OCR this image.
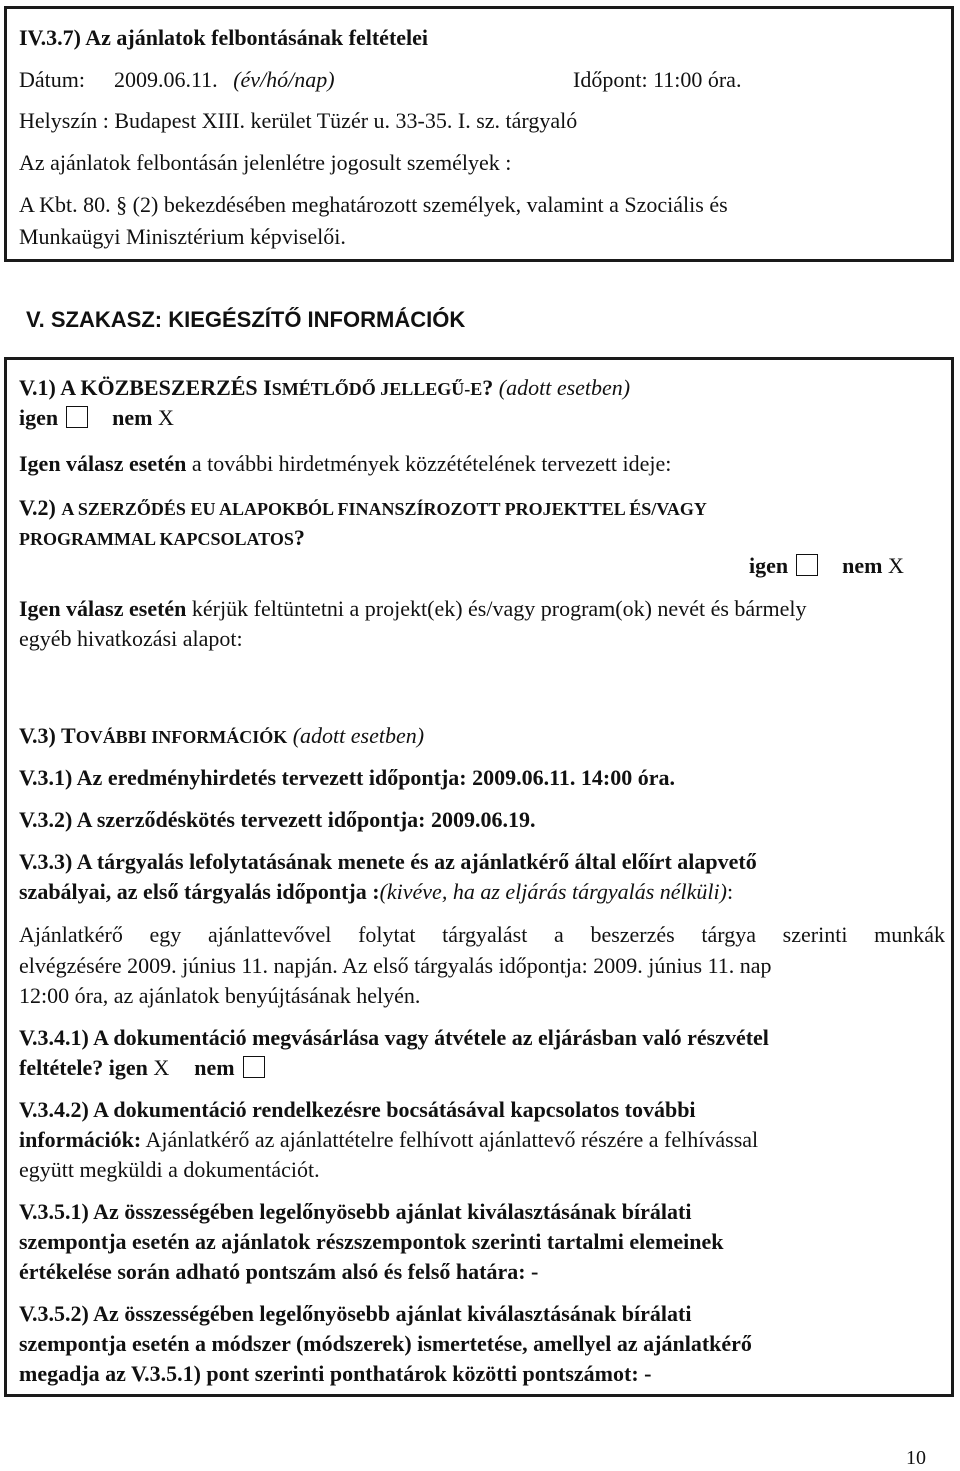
IV.3.7) Az ajánlatok felbontásának feltételei
Dátum: 2009.06.11. (év/hó/nap)	Időpont: 11:00 óra.
Helyszín : Budapest XIII. kerület Tüzér u. 33-35. I. sz. tárgyaló
Az ajánlatok felbontásán jelenlétre jogosult személyek :
A Kbt. 80. § (2) bekezdésében meghatározott személyek, valamint a Szociális és
Munkaügyi Minisztérium képviselői.
V. SZAKASZ: KIEGÉSZÍTŐ INFORMÁCIÓK
V.1) A KÖZBESZERZÉS ISMÉTLŐDŐ JELLEGŰ-E? (adott esetben)
igen nem X
Igen válasz esetén a további hirdetmények közzétételének tervezett ideje:
V.2) A SZERZŐDÉS EU ALAPOKBÓL FINANSZÍROZOTT PROJEKTTEL ÉS/VAGY
PROGRAMMAL KAPCSOLATOS?
igen nem X
Igen válasz esetén kérjük feltüntetni a projekt(ek) és/vagy program(ok) nevét és bármely
egyéb hivatkozási alapot:
V.3) TOVÁBBI INFORMÁCIÓK (adott esetben)
V.3.1) Az eredményhirdetés tervezett időpontja: 2009.06.11. 14:00 óra.
V.3.2) A szerződéskötés tervezett időpontja: 2009.06.19.
V.3.3) A tárgyalás lefolytatásának menete és az ajánlatkérő által előírt alapvető
szabályai, az első tárgyalás időpontja :(kivéve, ha az eljárás tárgyalás nélküli):
Ajánlatkérő egy ajánlattevővel folytat tárgyalást a beszerzés tárgya szerinti munkák
elvégzésére 2009. június 11. napján. Az első tárgyalás időpontja: 2009. június 11. nap
12:00 óra, az ajánlatok benyújtásának helyén.
V.3.4.1) A dokumentáció megvásárlása vagy átvétele az eljárásban való részvétel
feltétele? igen X nem
V.3.4.2) A dokumentáció rendelkezésre bocsátásával kapcsolatos további
információk: Ajánlatkérő az ajánlattételre felhívott ajánlattevő részére a felhívással
együtt megküldi a dokumentációt.
V.3.5.1) Az összességében legelőnyösebb ajánlat kiválasztásának bírálati
szempontja esetén az ajánlatok részszempontok szerinti tartalmi elemeinek
értékelése során adható pontszám alsó és felső határa: -
V.3.5.2) Az összességében legelőnyösebb ajánlat kiválasztásának bírálati
szempontja esetén a módszer (módszerek) ismertetése, amellyel az ajánlatkérő
megadja az V.3.5.1) pont szerinti ponthatárok közötti pontszámot: -
10
